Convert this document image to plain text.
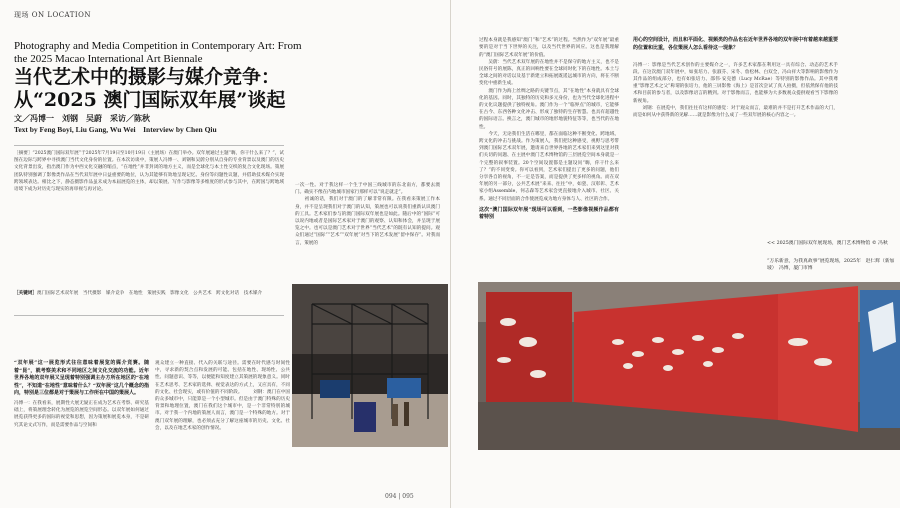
现场 ON LOCATION
Photography and Media Competition in Contemporary Art: From the 2025 Macao International Art Biennale
当代艺术中的摄影与媒介竞争：从“2025 澳门国际双年展”谈起
文／冯博一　刘钢　吴蔚　采访／陈秋
Text by Feng Boyi, Liu Gang, Wu Wei　Interview by Chen Qiu
［摘要］“2025澳门国际双年展”于2025年7月19日至10月19日（主展场）在澳门举办。双年展通过主题“嗨，你干什么来了？”，试图在边际与跨界中寻找澳门当代文化身份的位置。在本次访谈中，策展人冯博一、刘钢和吴蔚分别从自身的专业背景以及澳门的历史文化背景出发，指出澳门作为中西文化交融的缩点，“在地性”并非封闭的地方主义，而是全球化与本土性交织的复合文化现场。策展团队特别强调了影像类作品在当代双年展中日益重要的地位，认为其能够有效地呈现记忆、身份等问题性议题，并借助技术媒介实现跨领域表达。相比之下，静态摄影作品虽未成为本届展览的主体，却以策展、写作与影像等多维度的形式参与其中，在跨国与跨地域语境下成为对历史与现实的再审视与再讨论。
［关键词］澳门国际艺术双年展　当代摄影　媒介竞争　在地性　策展实践　影像文化　公共艺术　跨文化对话　技术媒介
一次一性。对于我这样一个生于中国三线城市的东北南方，都要去澳门。确实不像在内地城市国家行那样可以“说走就走”。
　　初诚的话，我们对于澳门的了解非常有限。在我看来策展工作本身，并不是呈现我们对于澳门的认知，策展也可以说我们重新认识澳门的工具。艺术家们参与的澳门国际双年展也是如此。随后中的“国际”可以说内地或者是国际艺术家对于澳门的观察、认知和体会，并呈现于展览之中。也可以是澳门艺术对于世界“当代艺术”的既有认知的提问。观众们通过“国际”“艺术”“双年展”对当下的艺术发展“留中保存”。对我而言，策展的

“双年展”这一展览形式往往意味着展览的媒介竞赛。随着“昆”，就考察美术和不同地区之间文化交流的功能。近年世界各地的双年展又呈现着特别强调主办方所在地区的“在地性”，不知道“在地性”意味着什么？“双年展”这几个概念的指向，特别是三位都是对于策展与工作所在中国的策展人。

冯博一：在我看来，展期性大展无疑正在成为艺术在考察、研究基础上，将策展理念转化为展览的展览空间形态。以双年展如何通过展览获得更多的国际的视觉和思想，因为策展和展览本身，不是研究其论文式写作，而是需要作品与空间和

观众建立一种直接、代入的关联与途径。需要在时代感与时间性中，寻求新的契合点和发展的可能。包括在地性、现场性、公共性、问题意识、等等，以便能和知度建立其策展的现象意义。同时在艺术思考、艺术家的选择、视觉表达的方式上，又应具有，不同的文化、社会现实，或有价值的不同阶段。 　　刘钢：澳门在中国的众多城市中，只能算是一个小型城市。但是由于澳门特殊的历史背景和地理位置，澳门在我们这个城市中，是一个非常特别的城市。对于我一个内地的策展人而言，澳门是一个特殊的地方。对于澳门双年展的理解，也必须去充分了解这座城市的历史、文化、社会，以及在地艺术家的创作情况。
094 | 095

过程本身就是我感知“澳门”和“艺术”的过程。当然作为“双年展”最重要的是对于当下世界的关注，以及当代世界的回应。这也是我理解的“澳门国际艺术双年展”的价值。
　　吴蔚：当代艺术双年展的在地性并不是保守的地方主义，也不是民俗符号的展陈，真正的回响性要在全球同时化下的在地性。本土与全球之间的对话以及基于新建立和拓展既遥远城市的方向，将在不断变化中重新生成。
　　澳门作为海上丝绸之路的关键节点，其“在地性”本身就具有全球化的基因。同时，其独特的历史和多元身份，也为当代全球化进程中的文化议题提供了独特视角。澳门作为一个“临界点”的城市，它能够在古今、东西各种文化冲击、形成了独特的生存智慧。也具有超越性的国际语言。换言之，澳门城市的地形地貌特征等等，也当代的在地性。
　　今天，无论我们生活在哪里，都在面临这种不断变化、跨地域、跨文化的冲击与挑战。作为策展人，我们把这种感受，视野与思考带到澳门国际艺术双年展，邀请来自世界各地的艺术家们来到这里对我们关切的问题、在主展中澳门艺术博物馆的三层展览空间本身就是一个完整的叙事装置。20个空间设置都是主题设问“嗨，你干什么来了？”的不同变奏。你可以看到，艺术家们提出了更多的问题，他们分享各自的视角，不一定是答案，而是提供了更多样的视角。而在双年展的另一部分，公共艺术展“来来、往往”中，如瓷、汉彰彰、艺术家小组Assemble，何志森等艺术家会更直接地介入城市、社区、关系。通过不同层面的合作使展览成为地方身体与人、社区的合作。

这次“澳门国际双年展”现场可以看到，一些影像视频作品都有着特别

用心的空间设计，而且和平面化、视频类的作品也在近年世界各地的双年展中有着越来越重要的位置和比重，各位策展人怎么看待这一现象？

冯博一：影像是当代艺术创作的主要媒介之一，许多艺术家都在利用这一具有综合、动态的艺术手段。在这次澳门双年展中，如张培力、张淑芬、宋冬、詹松林、白双全，冯山祥大等影响的影像作为其作品的组成部分，也有如张培力、邵伟·安克德（Lucy McRae）等特别的影像作品。其中我尊重“影像艺术之父”称谓的张培力，他的三屏影像《海上》是首次尝试了真人拍摄，但依然保有他的技术和目前的参与者，以及影像语言的精到。对于影像而言，也能够为大多数观众提供观看当下影像的新视角。
　　刘钢：在展览中，我们往往有这样的感觉：对于观众而言，最难的并不是打开艺术作品的大门，而是如何从中获得新的见解……就是影像为什么成了一些双年展的核心内容之一。

<< 2025澳门国际双年展现场，澳门艺术博物馆 © 冯秋
“万乐新意，为我真故事”展览现场，2025年　赵仁辉（新加坡）　冯博，厦门市博
